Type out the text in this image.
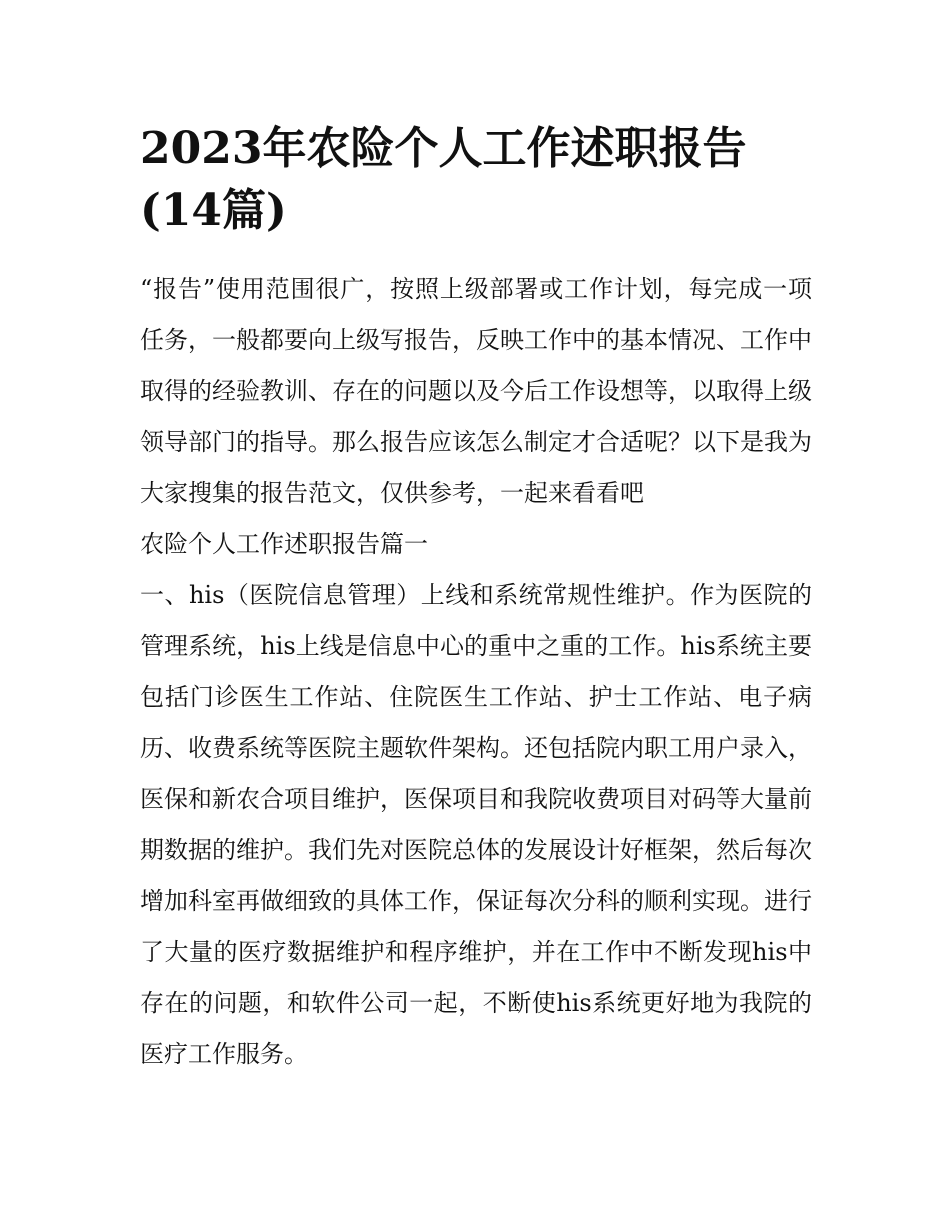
2023年农险个人工作述职报告(14篇)

“报告”使用范围很广，按照上级部署或工作计划，每完成一项任务，一般都要向上级写报告，反映工作中的基本情况、工作中取得的经验教训、存在的问题以及今后工作设想等，以取得上级领导部门的指导。那么报告应该怎么制定才合适呢？以下是我为大家搜集的报告范文，仅供参考，一起来看看吧

农险个人工作述职报告篇一

一、his（医院信息管理）上线和系统常规性维护。作为医院的管理系统，his上线是信息中心的重中之重的工作。his系统主要包括门诊医生工作站、住院医生工作站、护士工作站、电子病历、收费系统等医院主题软件架构。还包括院内职工用户录入，医保和新农合项目维护，医保项目和我院收费项目对码等大量前期数据的维护。我们先对医院总体的发展设计好框架，然后每次增加科室再做细致的具体工作，保证每次分科的顺利实现。进行了大量的医疗数据维护和程序维护，并在工作中不断发现his中存在的问题，和软件公司一起，不断使his系统更好地为我院的医疗工作服务。
